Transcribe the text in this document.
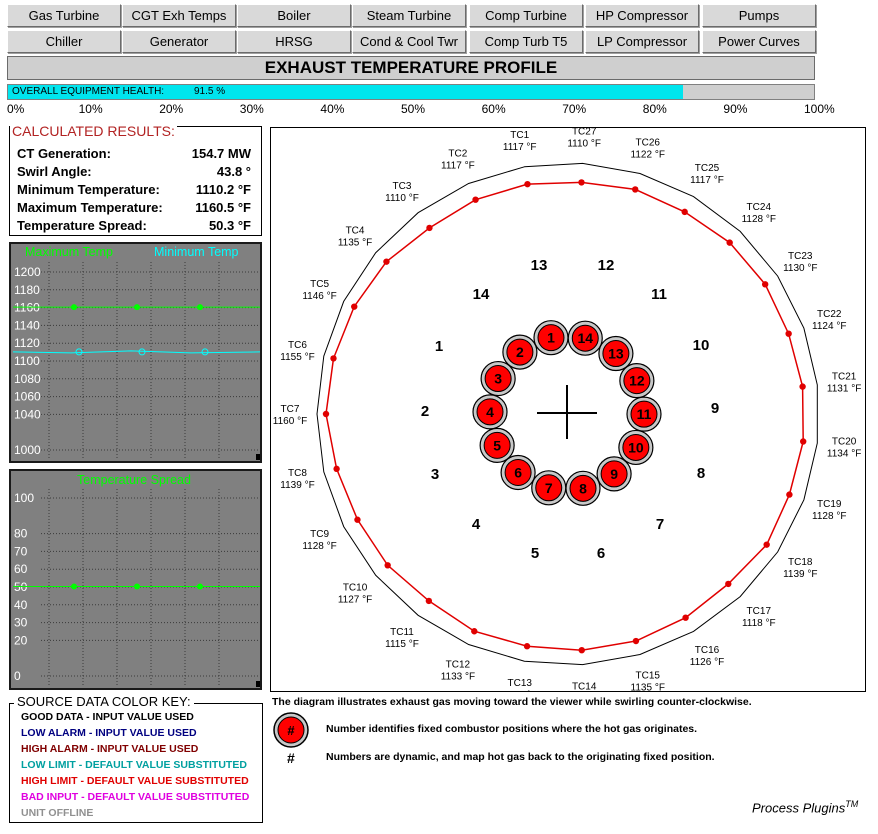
Gas Turbine	CGT Exh Temps	Boiler	Steam Turbine	Comp Turbine	HP Compressor	Pumps
Chiller	Generator	HRSG	Cond & Cool Twr	Comp Turb T5	LP Compressor	Power Curves
EXHAUST TEMPERATURE PROFILE
OVERALL EQUIPMENT HEALTH:	91.5 %
0%	10%	20%	30%	40%	50%	60%	70%	80%	90%	100%
CT Generation:	154.7 MW
Swirl Angle:	43.8 °
Minimum Temperature:	1110.2 °F
Maximum Temperature:	1160.5 °F
Temperature Spread:	50.3 °F
CALCULATED RESULTS:
1200
1180
1160
1140
1120
1100
1080
1060
1040
1000
Maximum Temp	Minimum Temp
100
80
70
60
50
40
30
20
0
Temperature Spread
TC1
1117 °F
TC2
1117 °F
TC3
1110 °F
TC4
1135 °F
TC5
1146 °F
TC6
1155 °F
TC7
1160 °F
TC8
1139 °F
TC9
1128 °F
TC10
1127 °F
TC11
1115 °F
TC12
1133 °F
TC13	TC14
TC15
1135 °F
TC16
1126 °F
TC17
1118 °F
TC18
1139 °F
TC19
1128 °F
TC20
1134 °F
TC21
1131 °F
TC22
1124 °F
TC23
1130 °F
TC24
1128 °F
TC25
1117 °F
TC26
1122 °F
TC27
1110 °F
1
2
3
4
5	6
7
8
9
10
11
12
13
14
1
2
3
4
5
6
7 8
9
10
11
12
13
14
SOURCE DATA COLOR KEY:
GOOD DATA - INPUT VALUE USED
LOW ALARM - INPUT VALUE USED
HIGH ALARM - INPUT VALUE USED
LOW LIMIT - DEFAULT VALUE SUBSTITUTED
HIGH LIMIT - DEFAULT VALUE SUBSTITUTED
BAD INPUT - DEFAULT VALUE SUBSTITUTED
UNIT OFFLINE
The diagram illustrates exhaust gas moving toward the viewer while swirling counter-clockwise.
#	Number identifies fixed combustor positions where the hot gas originates.
#	Numbers are dynamic, and map hot gas back to the originating fixed position.
Process Plugins™
